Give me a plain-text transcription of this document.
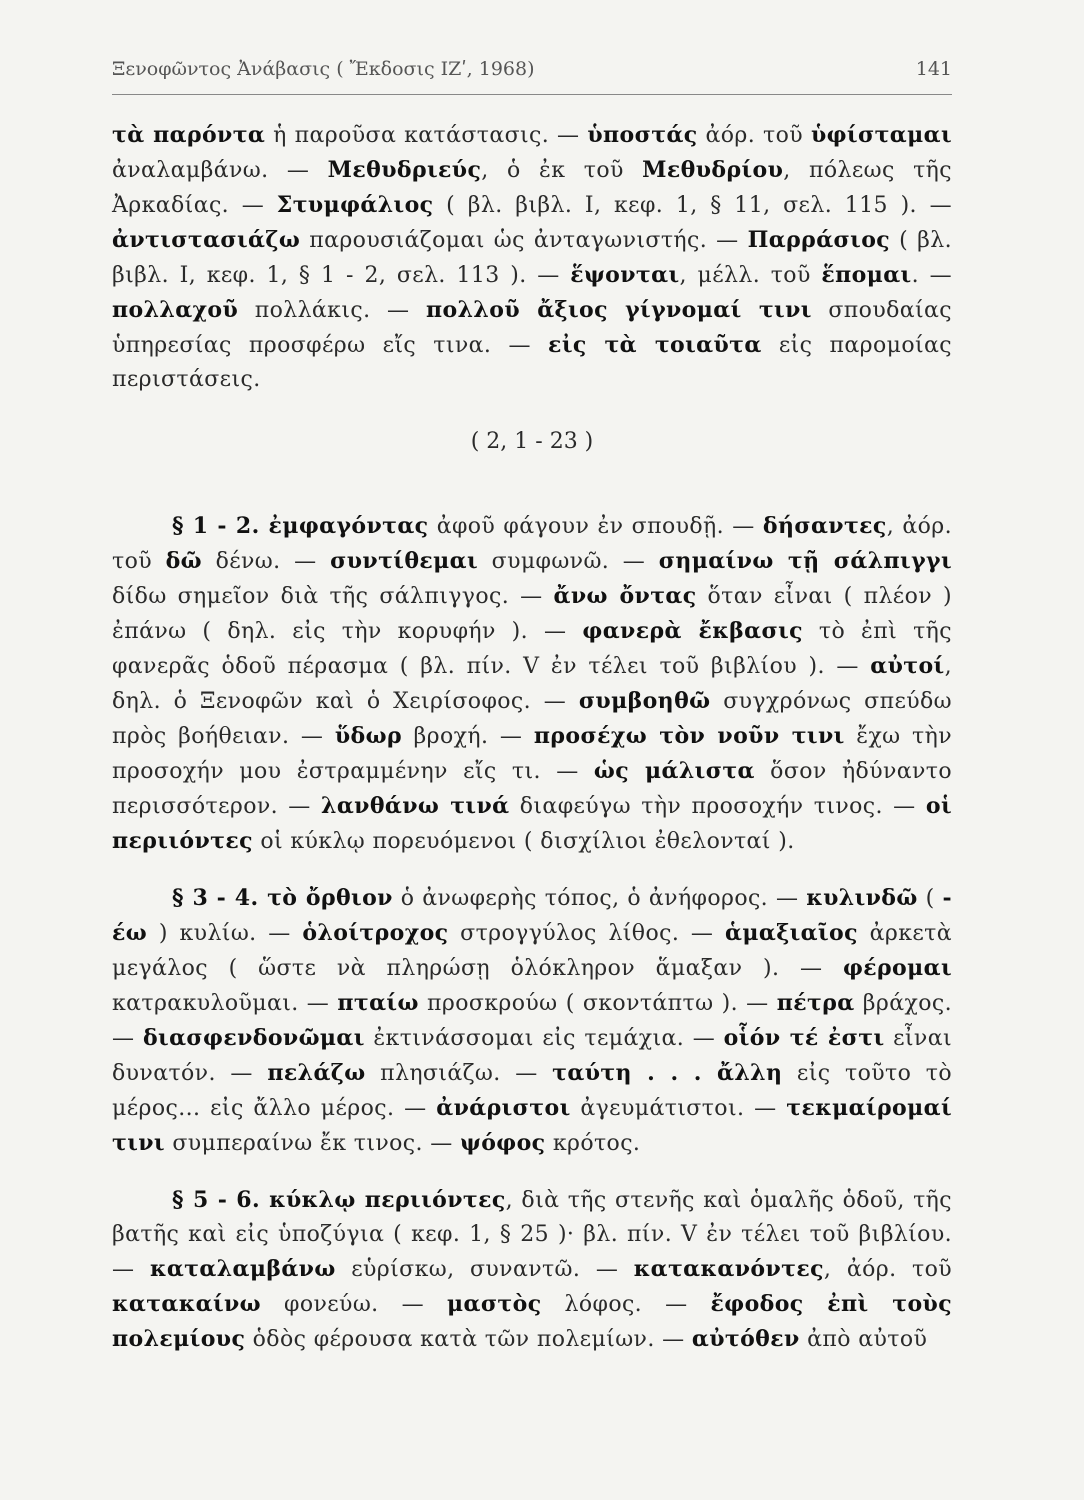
Ξενοφῶντος Ἀνάβασις ( Ἔκδοσις ΙΖʹ, 1968)	141

τὰ παρόντα ἡ παροῦσα κατάστασις. — ὑποστάς ἀόρ. τοῦ ὑφίσταμαι ἀναλαμβάνω. — Μεθυδριεύς, ὁ ἐκ τοῦ Μεθυδρίου, πόλεως τῆς Ἀρκαδίας. — Στυμφάλιος ( βλ. βιβλ. I, κεφ. 1, § 11, σελ. 115 ). — ἀντιστασιάζω παρουσιάζομαι ὡς ἀνταγωνιστής. — Παρράσιος ( βλ. βιβλ. I, κεφ. 1, § 1 - 2, σελ. 113 ). — ἕψονται, μέλλ. τοῦ ἕπομαι. — πολλαχοῦ πολλάκις. — πολλοῦ ἄξιος γίγνομαί τινι σπουδαίας ὑπηρεσίας προσφέρω εἴς τινα. — εἰς τὰ τοιαῦτα εἰς παρομοίας περιστάσεις.

( 2, 1 - 23 )

§ 1 - 2. ἐμφαγόντας ἀφοῦ φάγουν ἐν σπουδῇ. — δήσαντες, ἀόρ. τοῦ δῶ δένω. — συντίθεμαι συμφωνῶ. — σημαίνω τῇ σάλπιγγι δίδω σημεῖον διὰ τῆς σάλπιγγος. — ἄνω ὄντας ὅταν εἶναι ( πλέον ) ἐπάνω ( δηλ. εἰς τὴν κορυφήν ). — φανερὰ ἔκβασις τὸ ἐπὶ τῆς φανερᾶς ὁδοῦ πέρασμα ( βλ. πίν. V ἐν τέλει τοῦ βιβλίου ). — αὐτοί, δηλ. ὁ Ξενοφῶν καὶ ὁ Χειρίσοφος. — συμβοηθῶ συγχρόνως σπεύδω πρὸς βοήθειαν. — ὕδωρ βροχή. — προσέχω τὸν νοῦν τινι ἔχω τὴν προσοχήν μου ἐστραμμένην εἴς τι. — ὡς μάλιστα ὅσον ἠδύναντο περισσότερον. — λανθάνω τινά διαφεύγω τὴν προσοχήν τινος. — οἱ περιιόντες οἱ κύκλῳ πορευόμενοι ( δισχίλιοι ἐθελονταί ).

§ 3 - 4. τὸ ὄρθιον ὁ ἀνωφερὴς τόπος, ὁ ἀνήφορος. — κυλινδῶ ( -έω ) κυλίω. — ὁλοίτροχος στρογγύλος λίθος. — ἁμαξιαῖος ἀρκετὰ μεγάλος ( ὥστε νὰ πληρώσῃ ὁλόκληρον ἅμαξαν ). — φέρομαι κατρακυλοῦμαι. — πταίω προσκρούω ( σκοντάπτω ). — πέτρα βράχος. — διασφενδονῶμαι ἐκτινάσσομαι εἰς τεμάχια. — οἷόν τέ ἐστι εἶναι δυνατόν. — πελάζω πλησιάζω. — ταύτη . . . ἄλλη εἰς τοῦτο τὸ μέρος... εἰς ἄλλο μέρος. — ἀνάριστοι ἀγευμάτιστοι. — τεκμαίρομαί τινι συμπεραίνω ἔκ τινος. — ψόφος κρότος.

§ 5 - 6. κύκλῳ περιιόντες, διὰ τῆς στενῆς καὶ ὁμαλῆς ὁδοῦ, τῆς βατῆς καὶ εἰς ὑποζύγια ( κεφ. 1, § 25 )· βλ. πίν. V ἐν τέλει τοῦ βιβλίου. — καταλαμβάνω εὑρίσκω, συναντῶ. — κατακανόντες, ἀόρ. τοῦ κατακαίνω φονεύω. — μαστὸς λόφος. — ἔφοδος ἐπὶ τοὺς πολεμίους ὁδὸς φέρουσα κατὰ τῶν πολεμίων. — αὐτόθεν ἀπὸ αὐτοῦ
